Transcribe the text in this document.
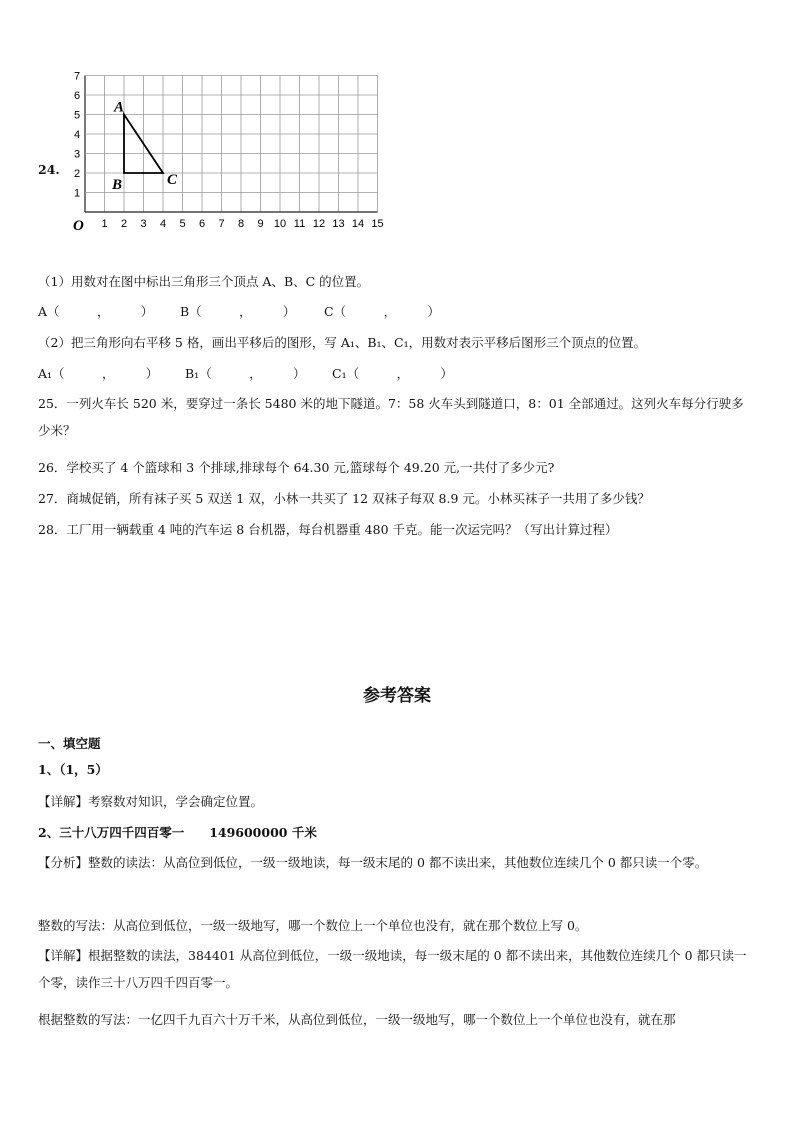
24.
1 2 3 4 5 6 7 8 9 10 11 12 13 14 15
1
2
3
4
5
6
7
O
A
B	C
（1）用数对在图中标出三角形三个顶点 A、B、C 的位置。
A（　　　，　　　） B（　　　，　　　） C（　　　，　　　）
（2）把三角形向右平移 5 格，画出平移后的图形，写 A₁、B₁、C₁，用数对表示平移后图形三个顶点的位置。
A₁（　　　，　　　） B₁（　　　，　　　） C₁（　　　，　　　）
25．一列火车长 520 米，要穿过一条长 5480 米的地下隧道。7：58 火车头到隧道口，8：01 全部通过。这列火车每分行驶多少米？
26．学校买了 4 个篮球和 3 个排球,排球每个 64.30 元,篮球每个 49.20 元,一共付了多少元?
27．商城促销，所有袜子买 5 双送 1 双，小林一共买了 12 双袜子每双 8.9 元。小林买袜子一共用了多少钱？
28．工厂用一辆载重 4 吨的汽车运 8 台机器，每台机器重 480 千克。能一次运完吗？（写出计算过程）
参考答案
一、填空题
1、（1，5）
【详解】考察数对知识，学会确定位置。
2、三十八万四千四百零一　　149600000 千米
【分析】整数的读法：从高位到低位，一级一级地读，每一级末尾的 0 都不读出来，其他数位连续几个 0 都只读一个零。
整数的写法：从高位到低位，一级一级地写，哪一个数位上一个单位也没有，就在那个数位上写 0。
【详解】根据整数的读法，384401 从高位到低位，一级一级地读，每一级末尾的 0 都不读出来，其他数位连续几个 0 都只读一个零，读作三十八万四千四百零一。
根据整数的写法：一亿四千九百六十万千米，从高位到低位，一级一级地写，哪一个数位上一个单位也没有，就在那
